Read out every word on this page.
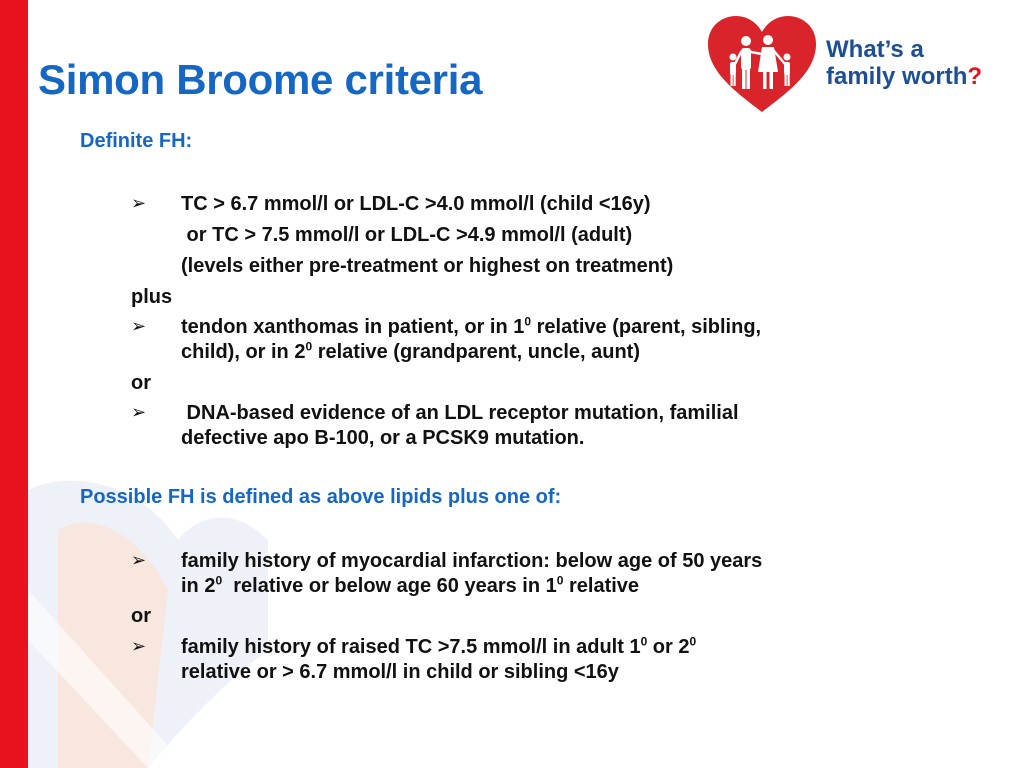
Simon Broome criteria
What’s a
family worth?

Definite FH:

➢ TC > 6.7 mmol/l or LDL-C >4.0 mmol/l (child <16y)

or TC > 7.5 mmol/l or LDL-C >4.9 mmol/l (adult)

(levels either pre-treatment or highest on treatment)

plus

➢ tendon xanthomas in patient, or in $1^0$ relative (parent, sibling,

child), or in $2^0$ relative (grandparent, uncle, aunt)

or

➢ DNA-based evidence of an LDL receptor mutation, familial

defective apo B-100, or a PCSK9 mutation.

Possible FH is defined as above lipids plus one of:

➢ family history of myocardial infarction: below age of 50 years

in $2^0$  relative or below age 60 years in $1^0$ relative

or

➢ family history of raised TC >7.5 mmol/l in adult $1^0$ or $2^0$

relative or > 6.7 mmol/l in child or sibling <16y
